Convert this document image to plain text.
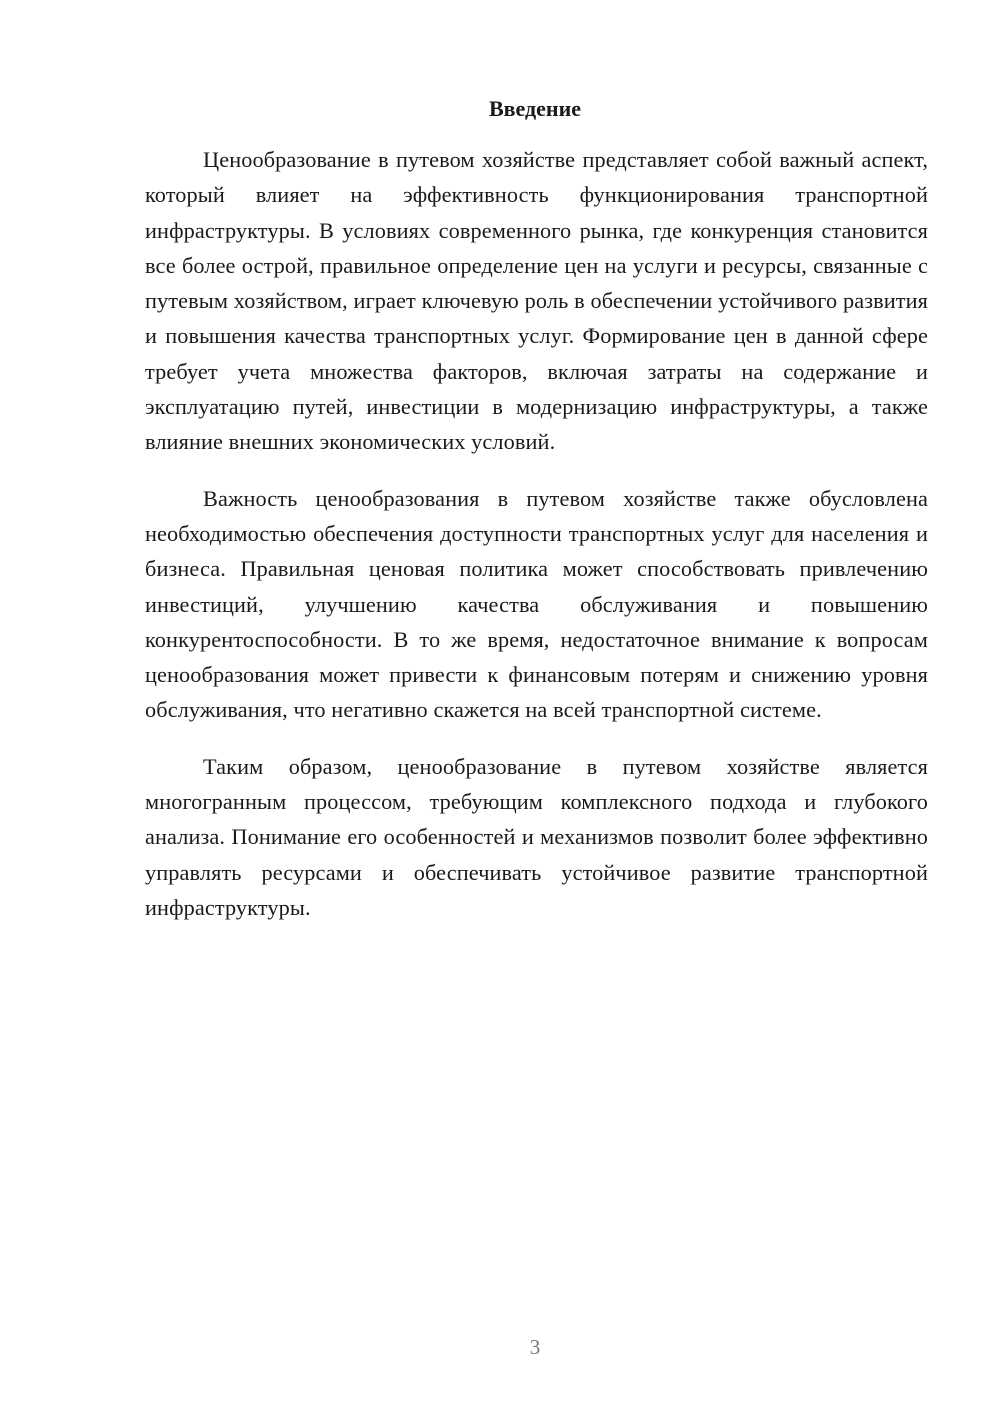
Введение

Ценообразование в путевом хозяйстве представляет собой важный аспект, который влияет на эффективность функционирования транспортной инфраструктуры. В условиях современного рынка, где конкуренция становится все более острой, правильное определение цен на услуги и ресурсы, связанные с путевым хозяйством, играет ключевую роль в обеспечении устойчивого развития и повышения качества транспортных услуг. Формирование цен в данной сфере требует учета множества факторов, включая затраты на содержание и эксплуатацию путей, инвестиции в модернизацию инфраструктуры, а также влияние внешних экономических условий.

Важность ценообразования в путевом хозяйстве также обусловлена необходимостью обеспечения доступности транспортных услуг для населения и бизнеса. Правильная ценовая политика может способствовать привлечению инвестиций, улучшению качества обслуживания и повышению конкурентоспособности. В то же время, недостаточное внимание к вопросам ценообразования может привести к финансовым потерям и снижению уровня обслуживания, что негативно скажется на всей транспортной системе.

Таким образом, ценообразование в путевом хозяйстве является многогранным процессом, требующим комплексного подхода и глубокого анализа. Понимание его особенностей и механизмов позволит более эффективно управлять ресурсами и обеспечивать устойчивое развитие транспортной инфраструктуры.

3
